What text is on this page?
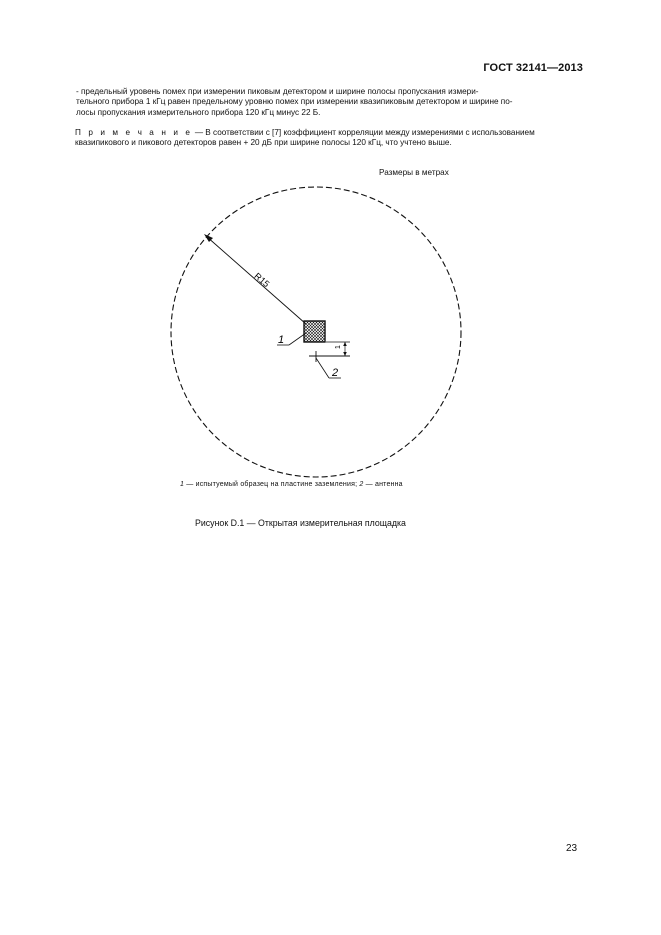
ГОСТ 32141—2013
- предельный уровень помех при измерении пиковым детектором и ширине полосы пропускания измери-
тельного прибора 1 кГц равен предельному уровню помех при измерении квазипиковым детектором и ширине по-
лосы пропускания измерительного прибора 120 кГц минус 22 Б.
П р и м е ч а н и е — В соответствии с [7] коэффициент корреляции между измерениями с использованием
квазипикового и пикового детекторов равен + 20 дБ при ширине полосы 120 кГц, что учтено выше.
Размеры в метрах
R15
1
1
2
1 — испытуемый образец на пластине заземления; 2 — антенна
Рисунок D.1 — Открытая измерительная площадка
23
